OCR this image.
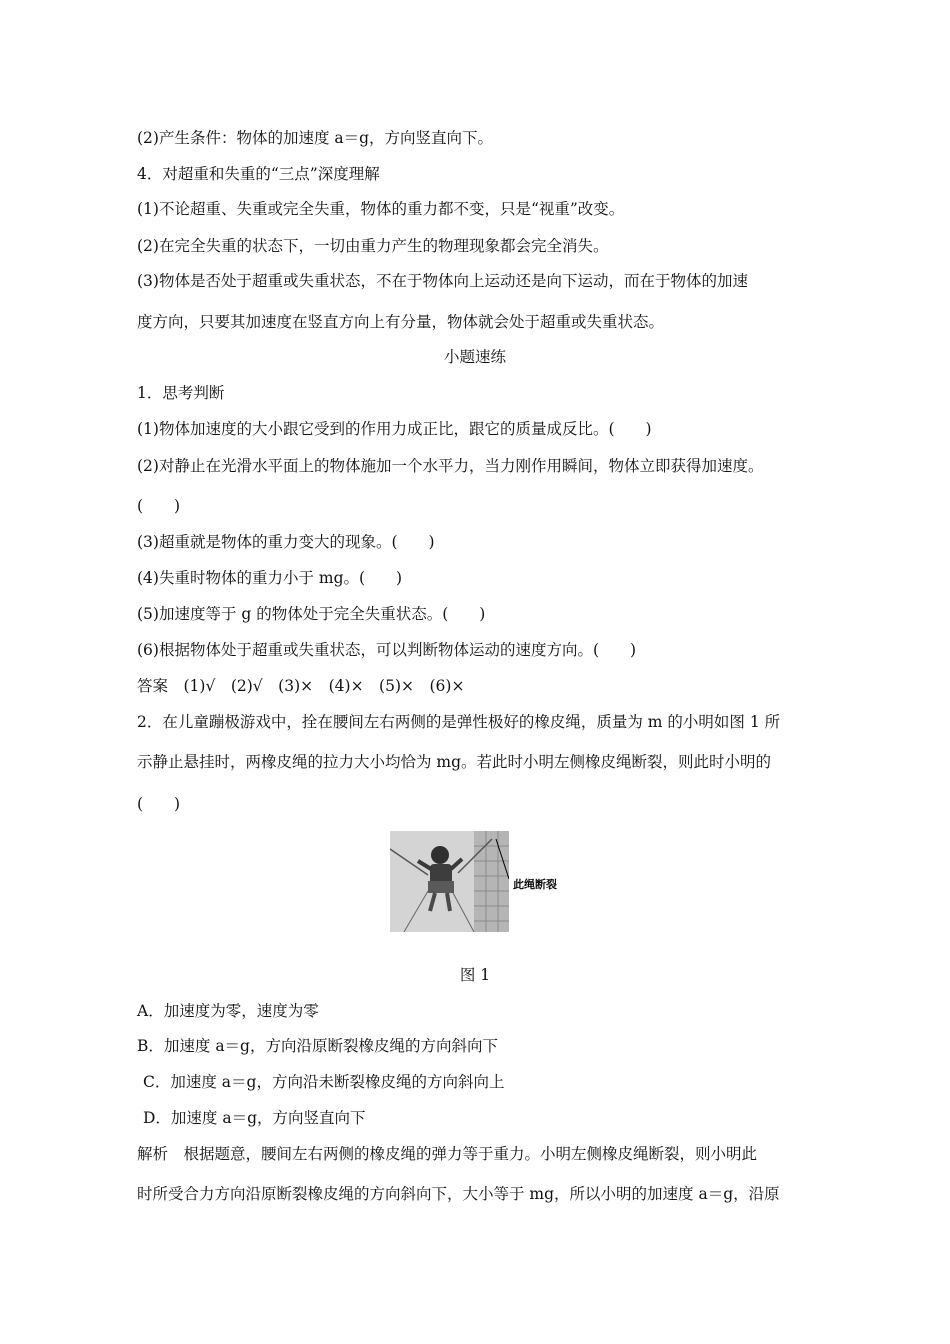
(2)产生条件：物体的加速度 a＝g，方向竖直向下。
4．对超重和失重的“三点”深度理解
(1)不论超重、失重或完全失重，物体的重力都不变，只是“视重”改变。
(2)在完全失重的状态下，一切由重力产生的物理现象都会完全消失。
(3)物体是否处于超重或失重状态，不在于物体向上运动还是向下运动，而在于物体的加速
度方向，只要其加速度在竖直方向上有分量，物体就会处于超重或失重状态。
小题速练
1．思考判断
(1)物体加速度的大小跟它受到的作用力成正比，跟它的质量成反比。(　　)
(2)对静止在光滑水平面上的物体施加一个水平力，当力刚作用瞬间，物体立即获得加速度。
(　　)
(3)超重就是物体的重力变大的现象。(　　)
(4)失重时物体的重力小于 mg。(　　)
(5)加速度等于 g 的物体处于完全失重状态。(　　)
(6)根据物体处于超重或失重状态，可以判断物体运动的速度方向。(　　)
答案　(1)√　(2)√　(3)×　(4)×　(5)×　(6)×
2．在儿童蹦极游戏中，拴在腰间左右两侧的是弹性极好的橡皮绳，质量为 m 的小明如图 1 所
示静止悬挂时，两橡皮绳的拉力大小均恰为 mg。若此时小明左侧橡皮绳断裂，则此时小明的
(　　)
此绳断裂
图 1
A．加速度为零，速度为零
B．加速度 a＝g，方向沿原断裂橡皮绳的方向斜向下
C．加速度 a＝g，方向沿未断裂橡皮绳的方向斜向上
D．加速度 a＝g，方向竖直向下
解析　根据题意，腰间左右两侧的橡皮绳的弹力等于重力。小明左侧橡皮绳断裂，则小明此
时所受合力方向沿原断裂橡皮绳的方向斜向下，大小等于 mg，所以小明的加速度 a＝g，沿原
